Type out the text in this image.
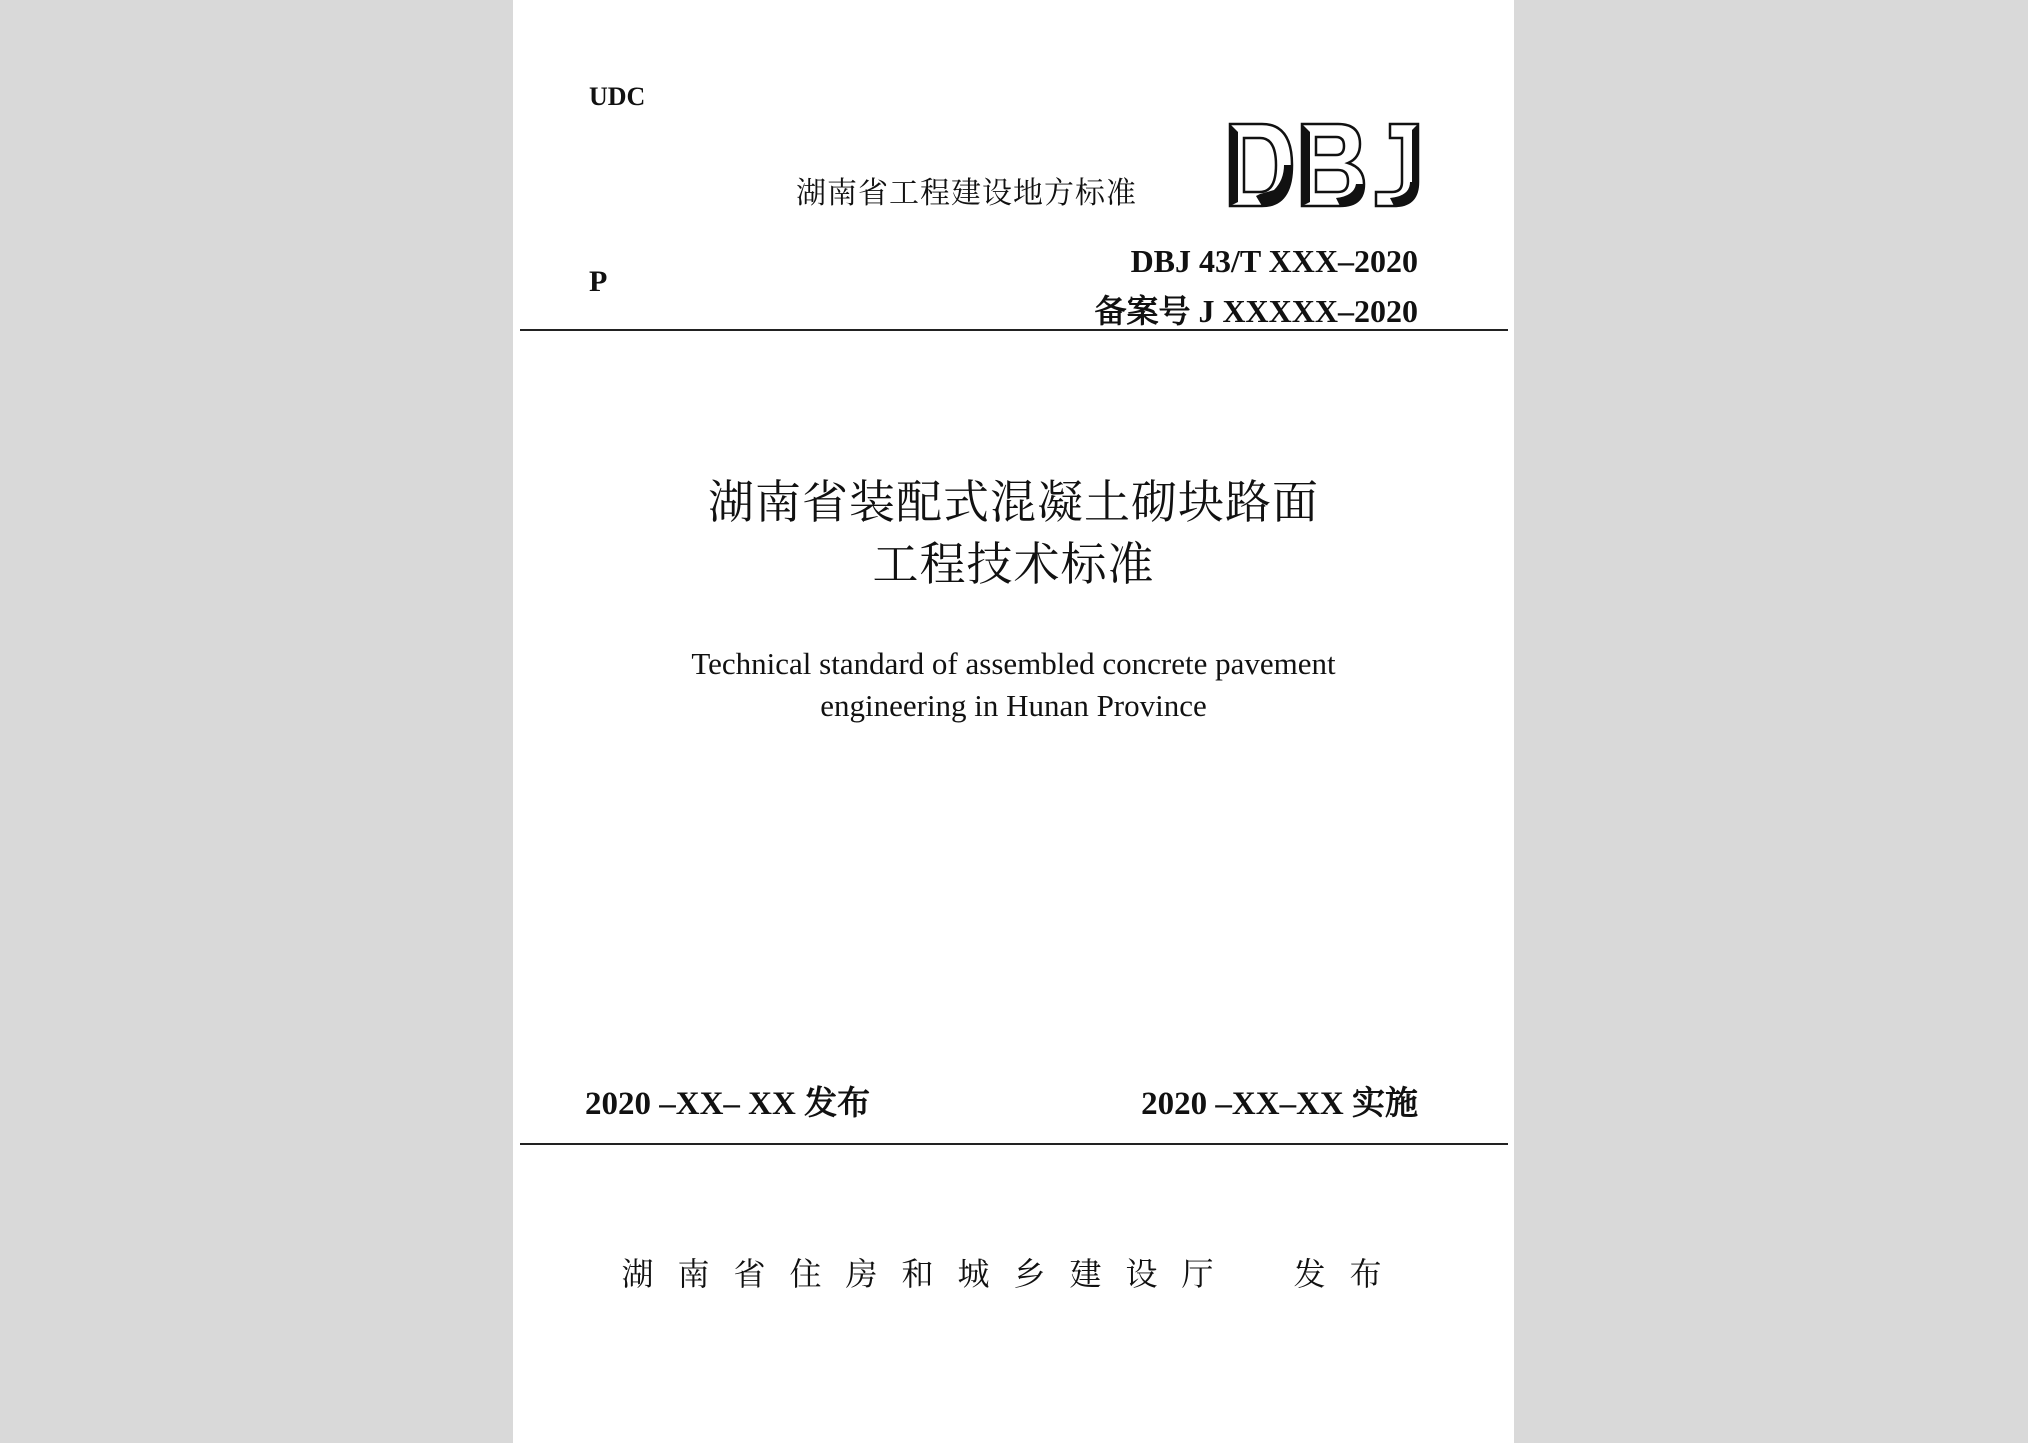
UDC
P
湖南省工程建设地方标准
DBJ
DBJ 43/T XXX–2020
备案号 J XXXXX–2020
湖南省装配式混凝土砌块路面
工程技术标准
Technical standard of assembled concrete pavement
engineering in Hunan Province
2020 –XX– XX 发布	2020 –XX–XX 实施
湖南省住房和城乡建设厅　发布
